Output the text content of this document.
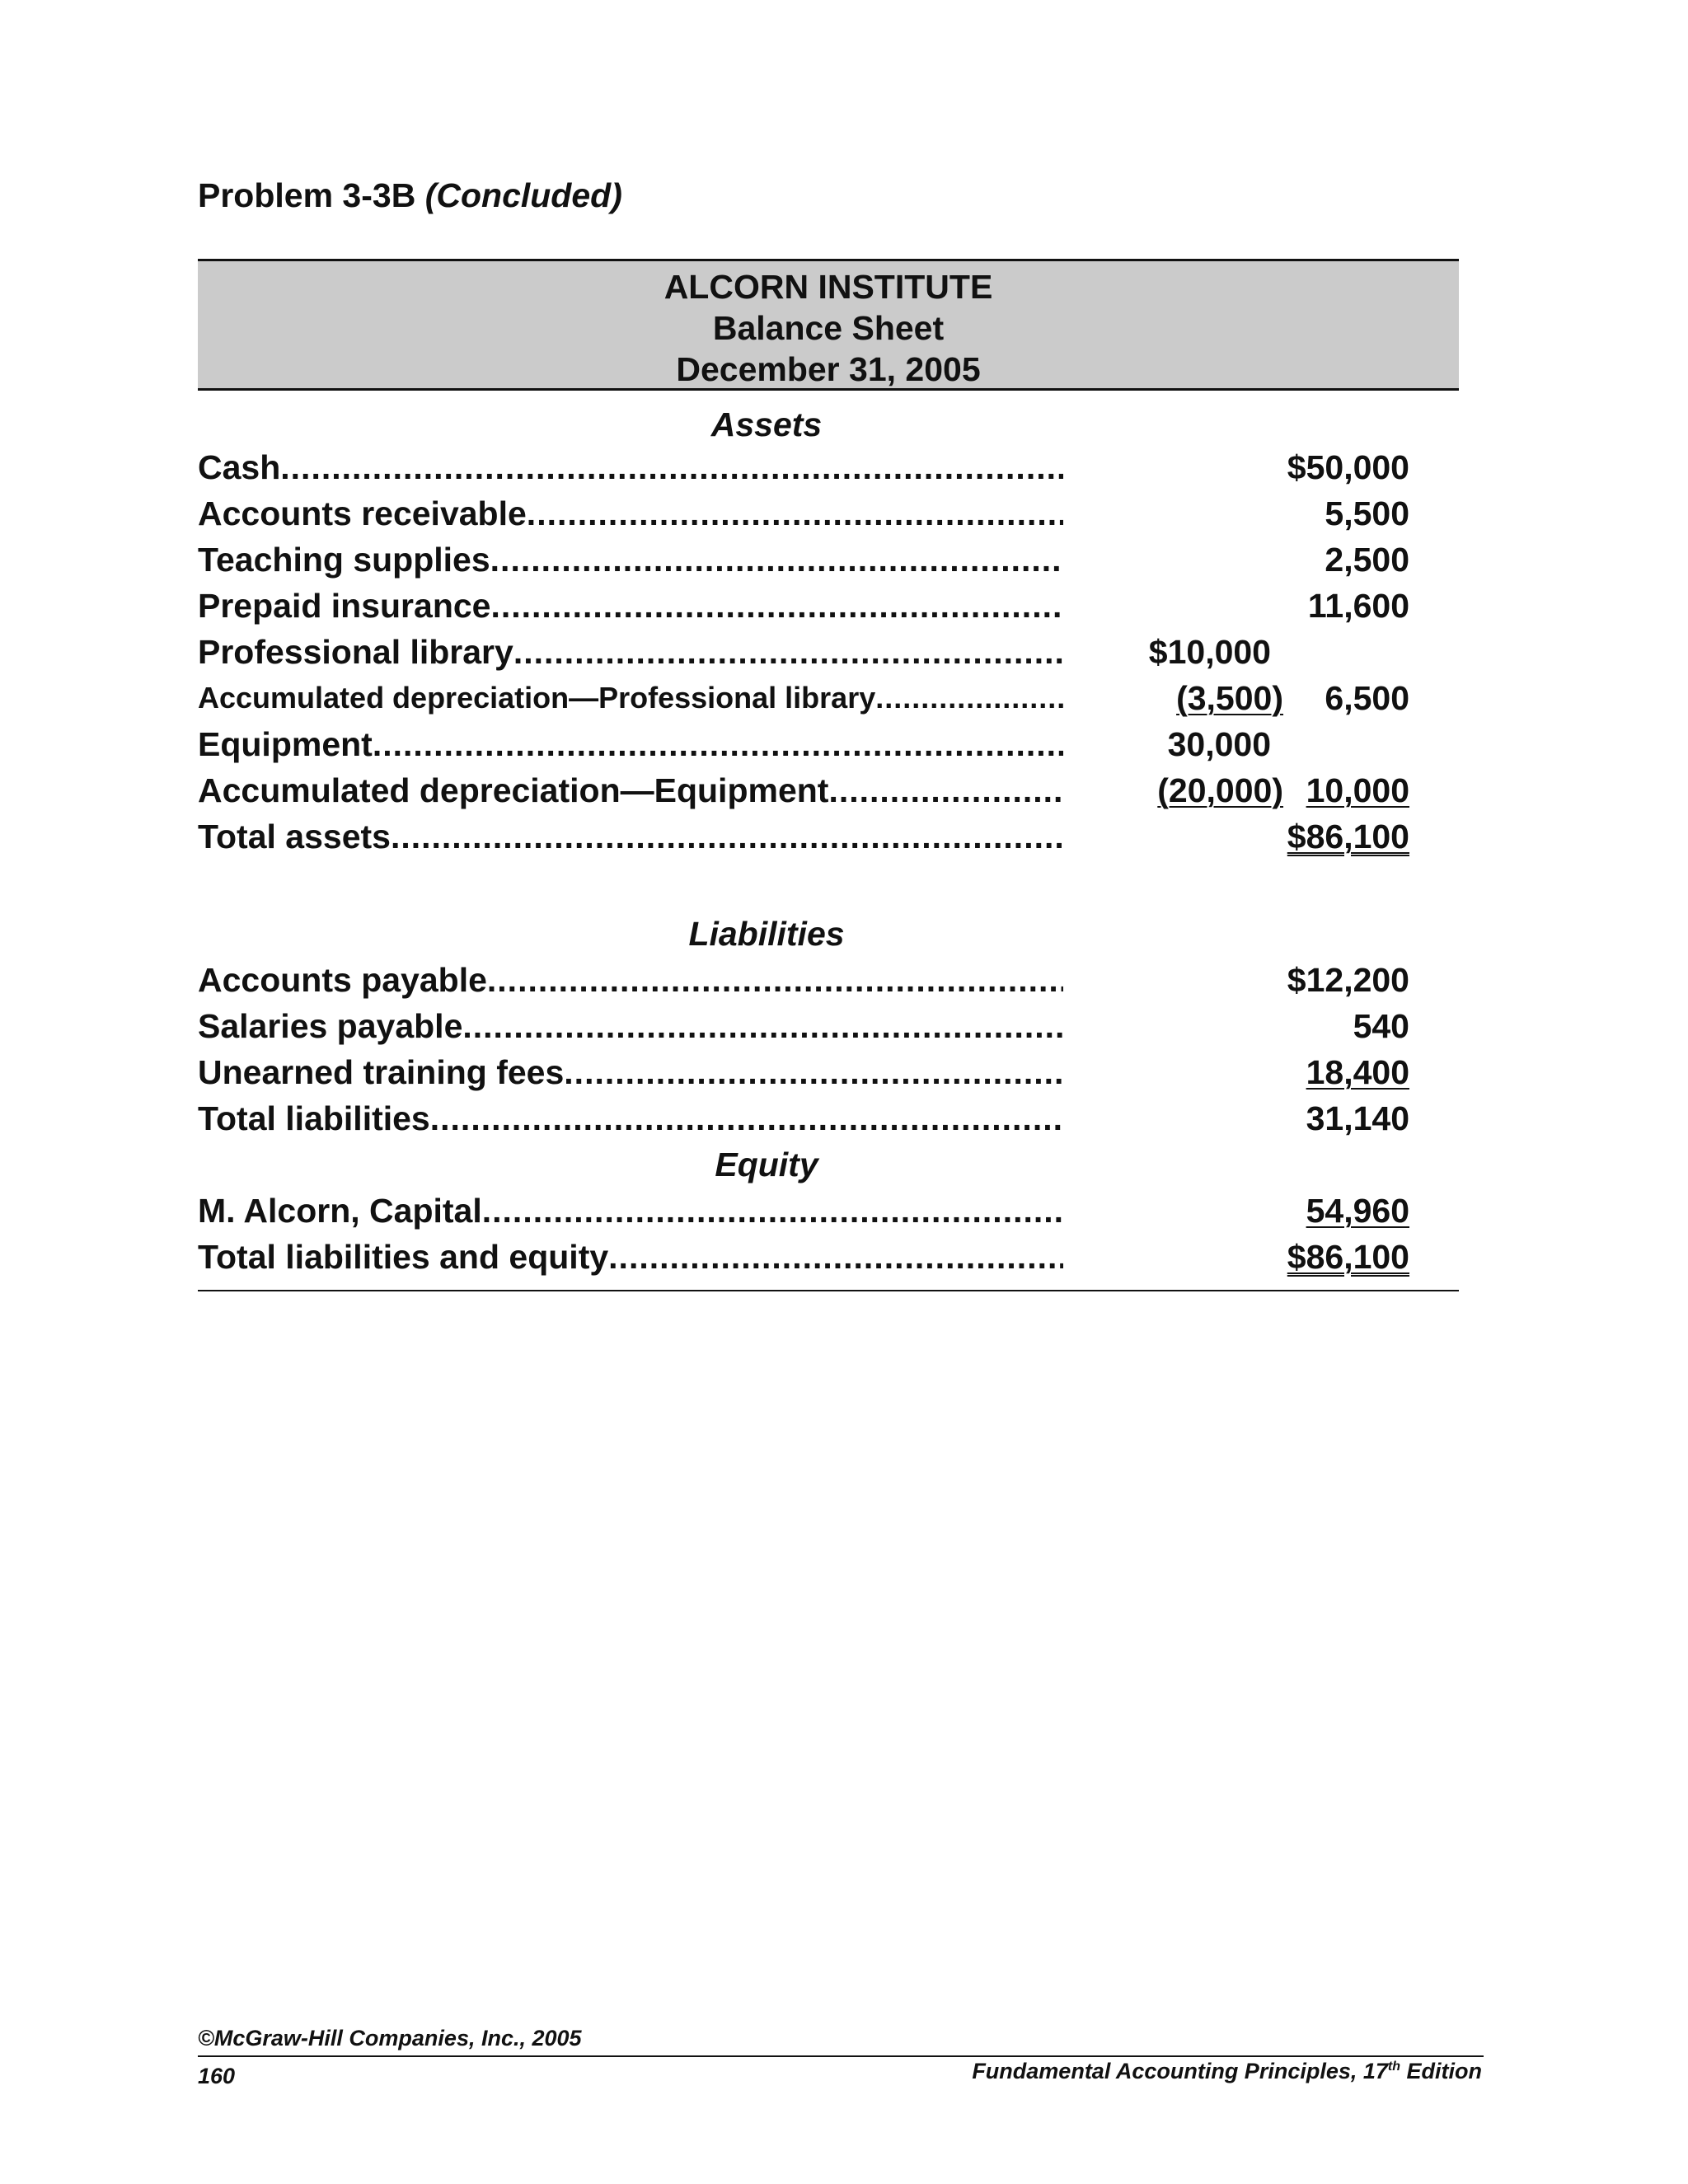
Problem 3-3B (Concluded)
ALCORN INSTITUTE
Balance Sheet
December 31, 2005
Assets
Cash .....	$50,000
Accounts receivable .....	5,500
Teaching supplies .....	2,500
Prepaid insurance .....	11,600
Professional library .....	$10,000
Accumulated depreciation—Professional library .....	(3,500)	6,500
Equipment .....	30,000
Accumulated depreciation—Equipment .....	(20,000) 10,000
Total assets .....	$86,100
Liabilities
Accounts payable .....	$12,200
Salaries payable .....	540
Unearned training fees .....	18,400
Total liabilities .....	31,140
Equity
M. Alcorn, Capital .....	54,960
Total liabilities and equity .....	$86,100
©McGraw-Hill Companies, Inc., 2005
160	Fundamental Accounting Principles, 17th Edition
